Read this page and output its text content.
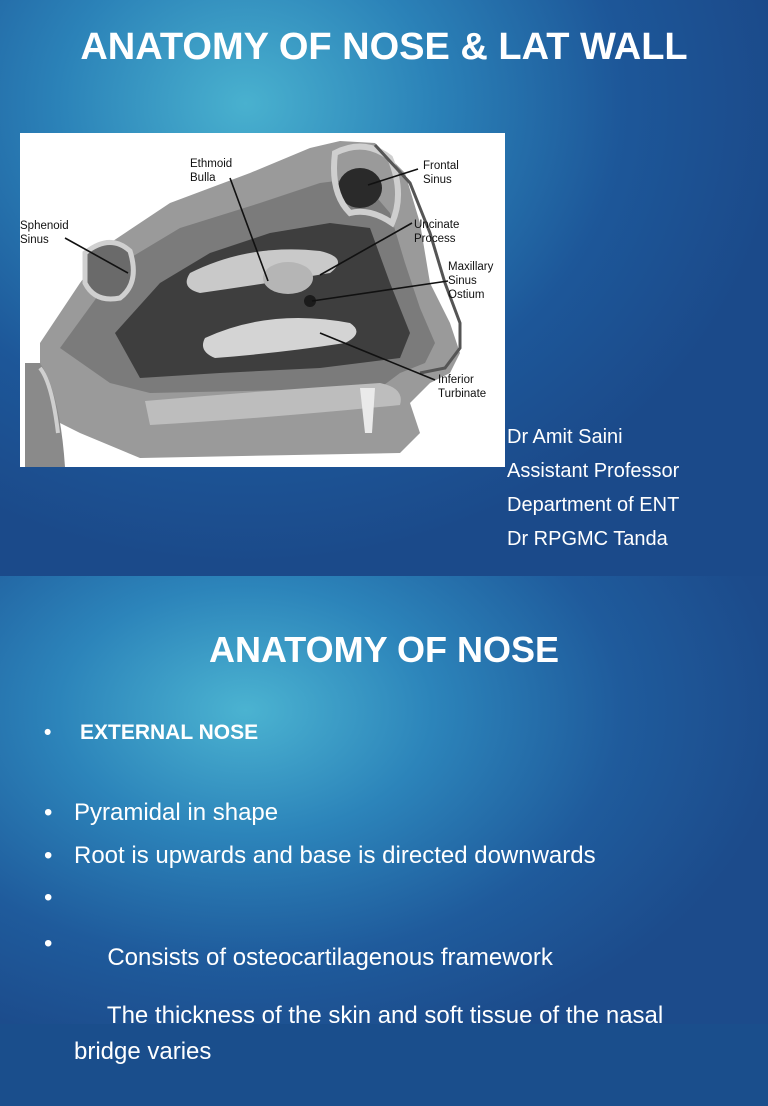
ANATOMY OF NOSE & LAT WALL
Ethmoid
Bulla
Frontal
Sinus
Sphenoid
Sinus
Uncinate
Process
Maxillary
Sinus
Ostium
Inferior
Turbinate
Dr Amit Saini
Assistant Professor
Department of ENT
Dr RPGMC Tanda
ANATOMY OF NOSE
• EXTERNAL NOSE
• Pyramidal in shape
• Root is upwards and base is directed downwards

•

Consists of osteocartilagenous framework

•

The thickness of the skin and soft tissue of the nasal bridge varies
